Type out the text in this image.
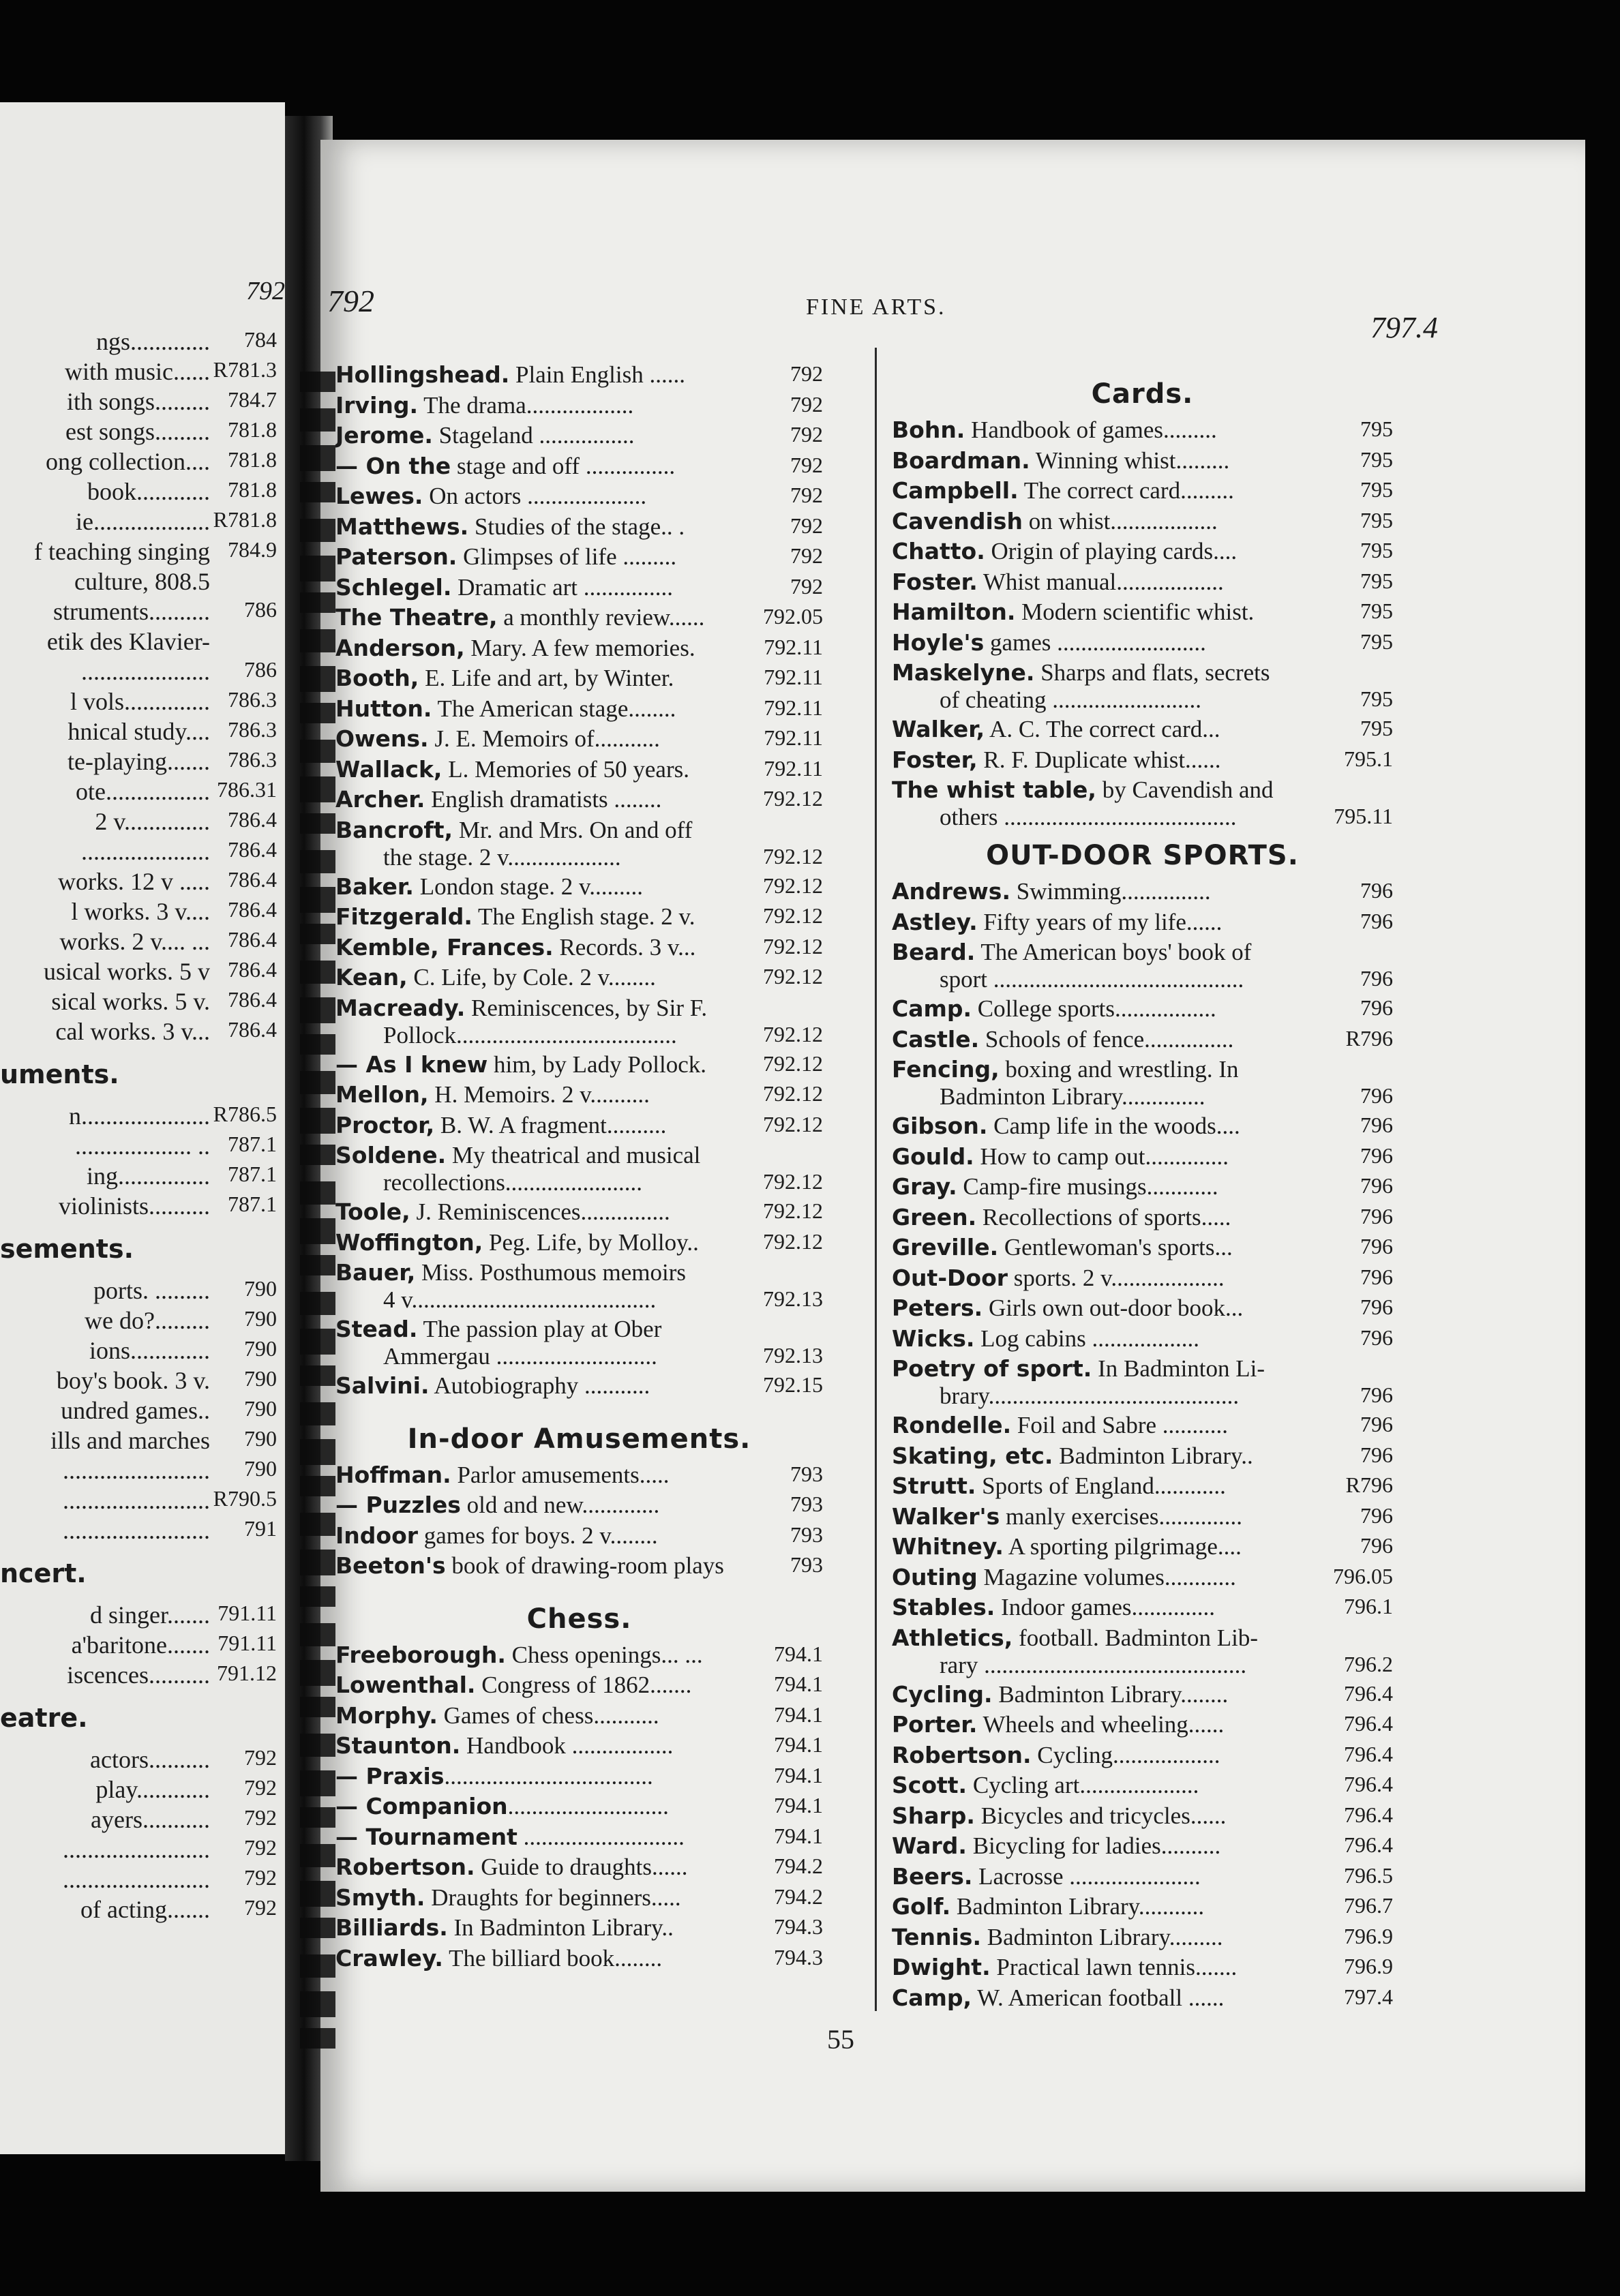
792
ngs............. 784
with music...... R781.3
ith songs......... 784.7
est songs......... 781.8
ong collection.... 781.8
book............ 781.8
ie................... R781.8
f teaching singing 784.9
culture, 808.5
struments.......... 786
etik des Klavier-
..................... 786
l vols.............. 786.3
hnical study.... 786.3
te-playing....... 786.3
ote................. 786.31
2 v.............. 786.4
..................... 786.4
works. 12 v ..... 786.4
l works. 3 v.... 786.4
works. 2 v.... ... 786.4
usical works. 5 v 786.4
sical works. 5 v. 786.4
cal works. 3 v... 786.4
uments.
n..................... R786.5
................... .. 787.1
ing............... 787.1
violinists.......... 787.1
sements.
ports. ......... 790
we do?......... 790
ions............. 790
boy's book. 3 v. 790
undred games.. 790
ills and marches 790
........................ 790
........................ R790.5
........................ 791
ncert.
d singer....... 791.11
a'baritone....... 791.11
iscences.......... 791.12
eatre.
actors.......... 792
play............ 792
ayers........... 792
........................ 792
........................ 792
of acting....... 792
792	FINE ARTS.
797.4
Hollingshead. Plain English ......	792
Irving. The drama..................	792
Jerome. Stageland ................	792
— On the stage and off ...............	792
Lewes. On actors ....................	792
Matthews. Studies of the stage.. .	792
Paterson. Glimpses of life .........	792
Schlegel. Dramatic art ...............	792
The Theatre, a monthly review......	792.05
Anderson, Mary. A few memories.	792.11
Booth, E. Life and art, by Winter.	792.11
Hutton. The American stage........	792.11
Owens. J. E. Memoirs of...........	792.11
Wallack, L. Memories of 50 years.	792.11
Archer. English dramatists ........	792.12
Bancroft, Mr. and Mrs. On and off
the stage. 2 v...................	792.12
Baker. London stage. 2 v.........	792.12
Fitzgerald. The English stage. 2 v.	792.12
Kemble, Frances. Records. 3 v...	792.12
Kean, C. Life, by Cole. 2 v........	792.12
Macready. Reminiscences, by Sir F.
Pollock.....................................	792.12
— As I knew him, by Lady Pollock.	792.12
Mellon, H. Memoirs. 2 v..........	792.12
Proctor, B. W. A fragment..........	792.12
Soldene. My theatrical and musical
recollections.......................	792.12
Toole, J. Reminiscences...............	792.12
Woffington, Peg. Life, by Molloy..	792.12
Bauer, Miss. Posthumous memoirs
4 v.........................................	792.13
Stead. The passion play at Ober
Ammergau ...........................	792.13
Salvini. Autobiography ...........	792.15
In-door Amusements.
Hoffman. Parlor amusements.....	793
— Puzzles old and new.............	793
Indoor games for boys. 2 v........	793
Beeton's book of drawing-room plays	793
Chess.
Freeborough. Chess openings... ...	794.1
Lowenthal. Congress of 1862.......	794.1
Morphy. Games of chess...........	794.1
Staunton. Handbook .................	794.1
— Praxis...................................	794.1
— Companion...........................	794.1
— Tournament ...........................	794.1
Robertson. Guide to draughts......	794.2
Smyth. Draughts for beginners.....	794.2
Billiards. In Badminton Library..	794.3
Crawley. The billiard book........	794.3
Cards.
Bohn. Handbook of games.........	795
Boardman. Winning whist.........	795
Campbell. The correct card.........	795
Cavendish on whist..................	795
Chatto. Origin of playing cards....	795
Foster. Whist manual..................	795
Hamilton. Modern scientific whist.	795
Hoyle's games .........................	795
Maskelyne. Sharps and flats, secrets
of cheating .........................	795
Walker, A. C. The correct card...	795
Foster, R. F. Duplicate whist......	795.1
The whist table, by Cavendish and
others .......................................	795.11
OUT-DOOR SPORTS.
Andrews. Swimming...............	796
Astley. Fifty years of my life......	796
Beard. The American boys' book of
sport ..........................................	796
Camp. College sports.................	796
Castle. Schools of fence...............	R796
Fencing, boxing and wrestling. In
Badminton Library..............	796
Gibson. Camp life in the woods....	796
Gould. How to camp out..............	796
Gray. Camp-fire musings............	796
Green. Recollections of sports.....	796
Greville. Gentlewoman's sports...	796
Out-Door sports. 2 v...................	796
Peters. Girls own out-door book...	796
Wicks. Log cabins ..................	796
Poetry of sport. In Badminton Li-
brary..........................................	796
Rondelle. Foil and Sabre ...........	796
Skating, etc. Badminton Library..	796
Strutt. Sports of England............	R796
Walker's manly exercises..............	796
Whitney. A sporting pilgrimage....	796
Outing Magazine volumes............	796.05
Stables. Indoor games..............	796.1
Athletics, football. Badminton Lib-
rary ............................................	796.2
Cycling. Badminton Library........	796.4
Porter. Wheels and wheeling......	796.4
Robertson. Cycling..................	796.4
Scott. Cycling art....................	796.4
Sharp. Bicycles and tricycles......	796.4
Ward. Bicycling for ladies..........	796.4
Beers. Lacrosse ......................	796.5
Golf. Badminton Library...........	796.7
Tennis. Badminton Library.........	796.9
Dwight. Practical lawn tennis.......	796.9
Camp, W. American football ......	797.4
55
